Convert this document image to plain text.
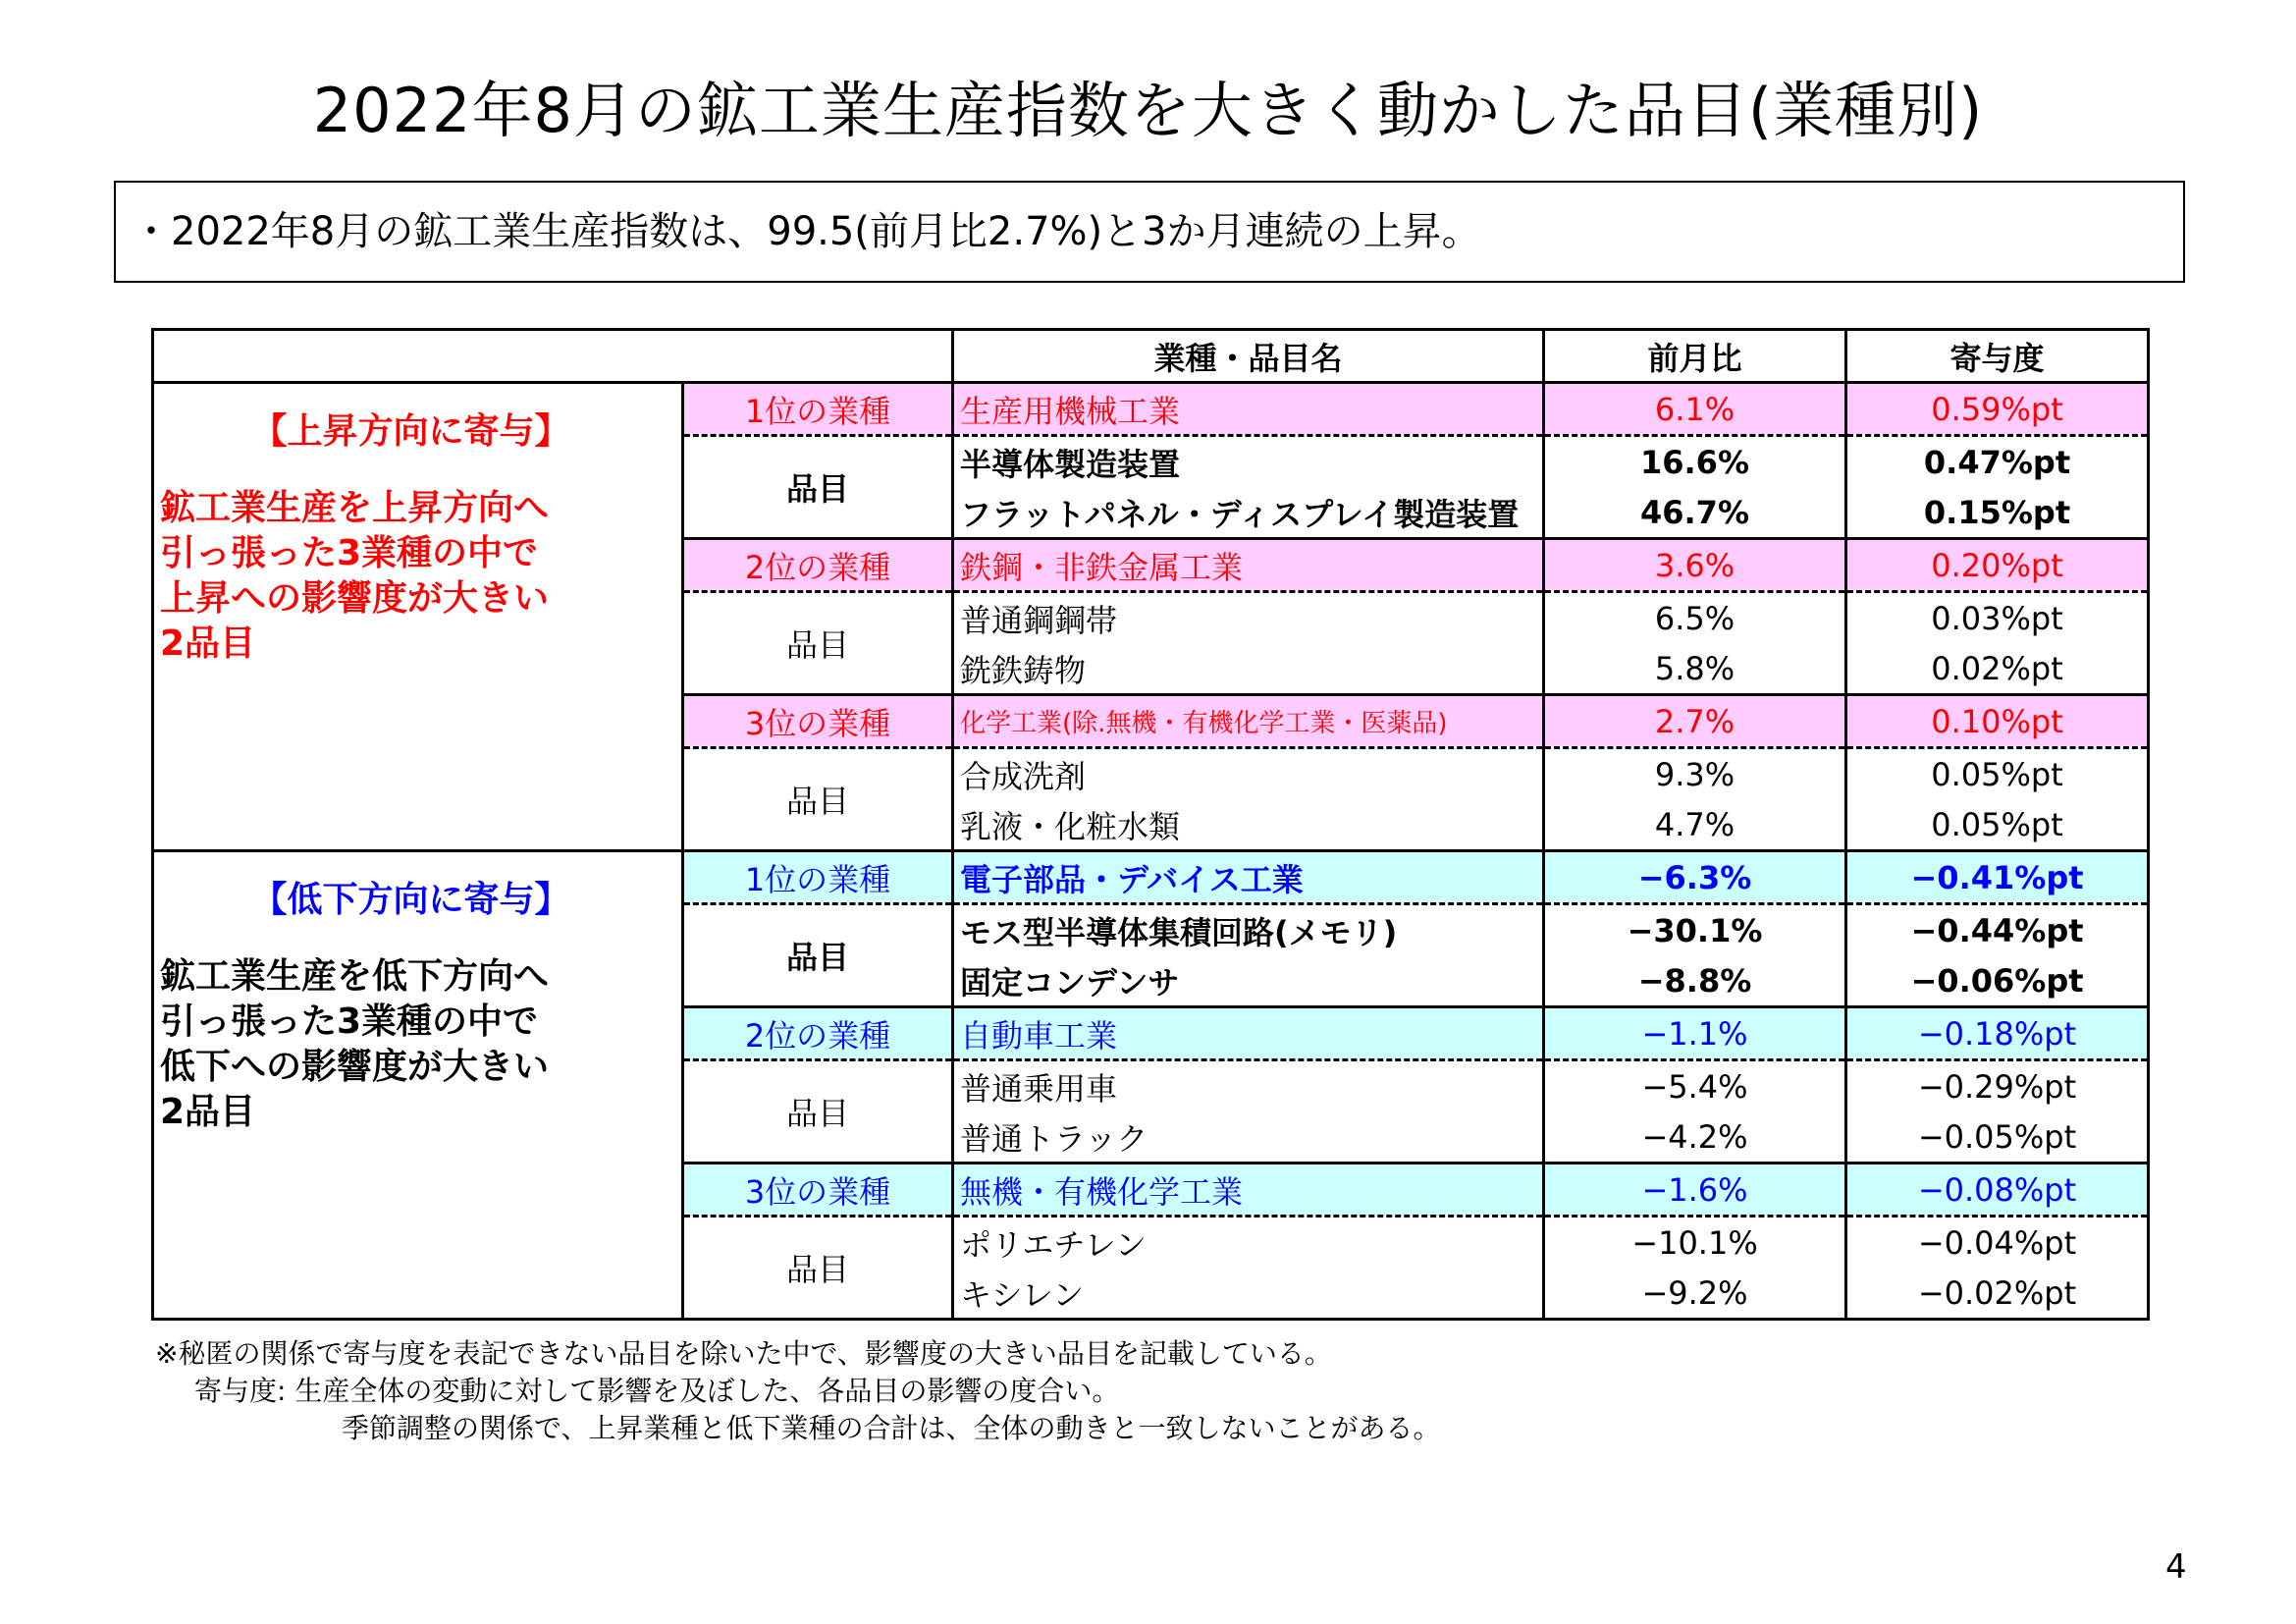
2022年8月の鉱工業生産指数を大きく動かした品目(業種別)
・2022年8月の鉱工業生産指数は、99.5(前月比2.7%)と3か月連続の上昇。
		業種・品目名	前月比	寄与度

【上昇方向に寄与】
鉱工業生産を上昇方向へ
引っ張った3業種の中で
上昇への影響度が大きい
2品目	1位の業種	生産用機械工業	6.1%	0.59%pt
	品目	半導体製造装置	16.6%	0.47%pt
		フラットパネル・ディスプレイ製造装置	46.7%	0.15%pt
	2位の業種	鉄鋼・非鉄金属工業	3.6%	0.20%pt
	品目	普通鋼鋼帯	6.5%	0.03%pt
		銑鉄鋳物	5.8%	0.02%pt
	3位の業種	化学工業(除.無機・有機化学工業・医薬品)	2.7%	0.10%pt
	品目	合成洗剤	9.3%	0.05%pt
		乳液・化粧水類	4.7%	0.05%pt

【低下方向に寄与】
鉱工業生産を低下方向へ
引っ張った3業種の中で
低下への影響度が大きい
2品目	1位の業種	電子部品・デバイス工業	−6.3%	−0.41%pt
	品目	モス型半導体集積回路(メモリ)	−30.1%	−0.44%pt
		固定コンデンサ	−8.8%	−0.06%pt
	2位の業種	自動車工業	−1.1%	−0.18%pt
	品目	普通乗用車	−5.4%	−0.29%pt
		普通トラック	−4.2%	−0.05%pt
	3位の業種	無機・有機化学工業	−1.6%	−0.08%pt
	品目	ポリエチレン	−10.1%	−0.04%pt
		キシレン	−9.2%	−0.02%pt
※秘匿の関係で寄与度を表記できない品目を除いた中で、影響度の大きい品目を記載している。
寄与度: 生産全体の変動に対して影響を及ぼした、各品目の影響の度合い。
季節調整の関係で、上昇業種と低下業種の合計は、全体の動きと一致しないことがある。
4
